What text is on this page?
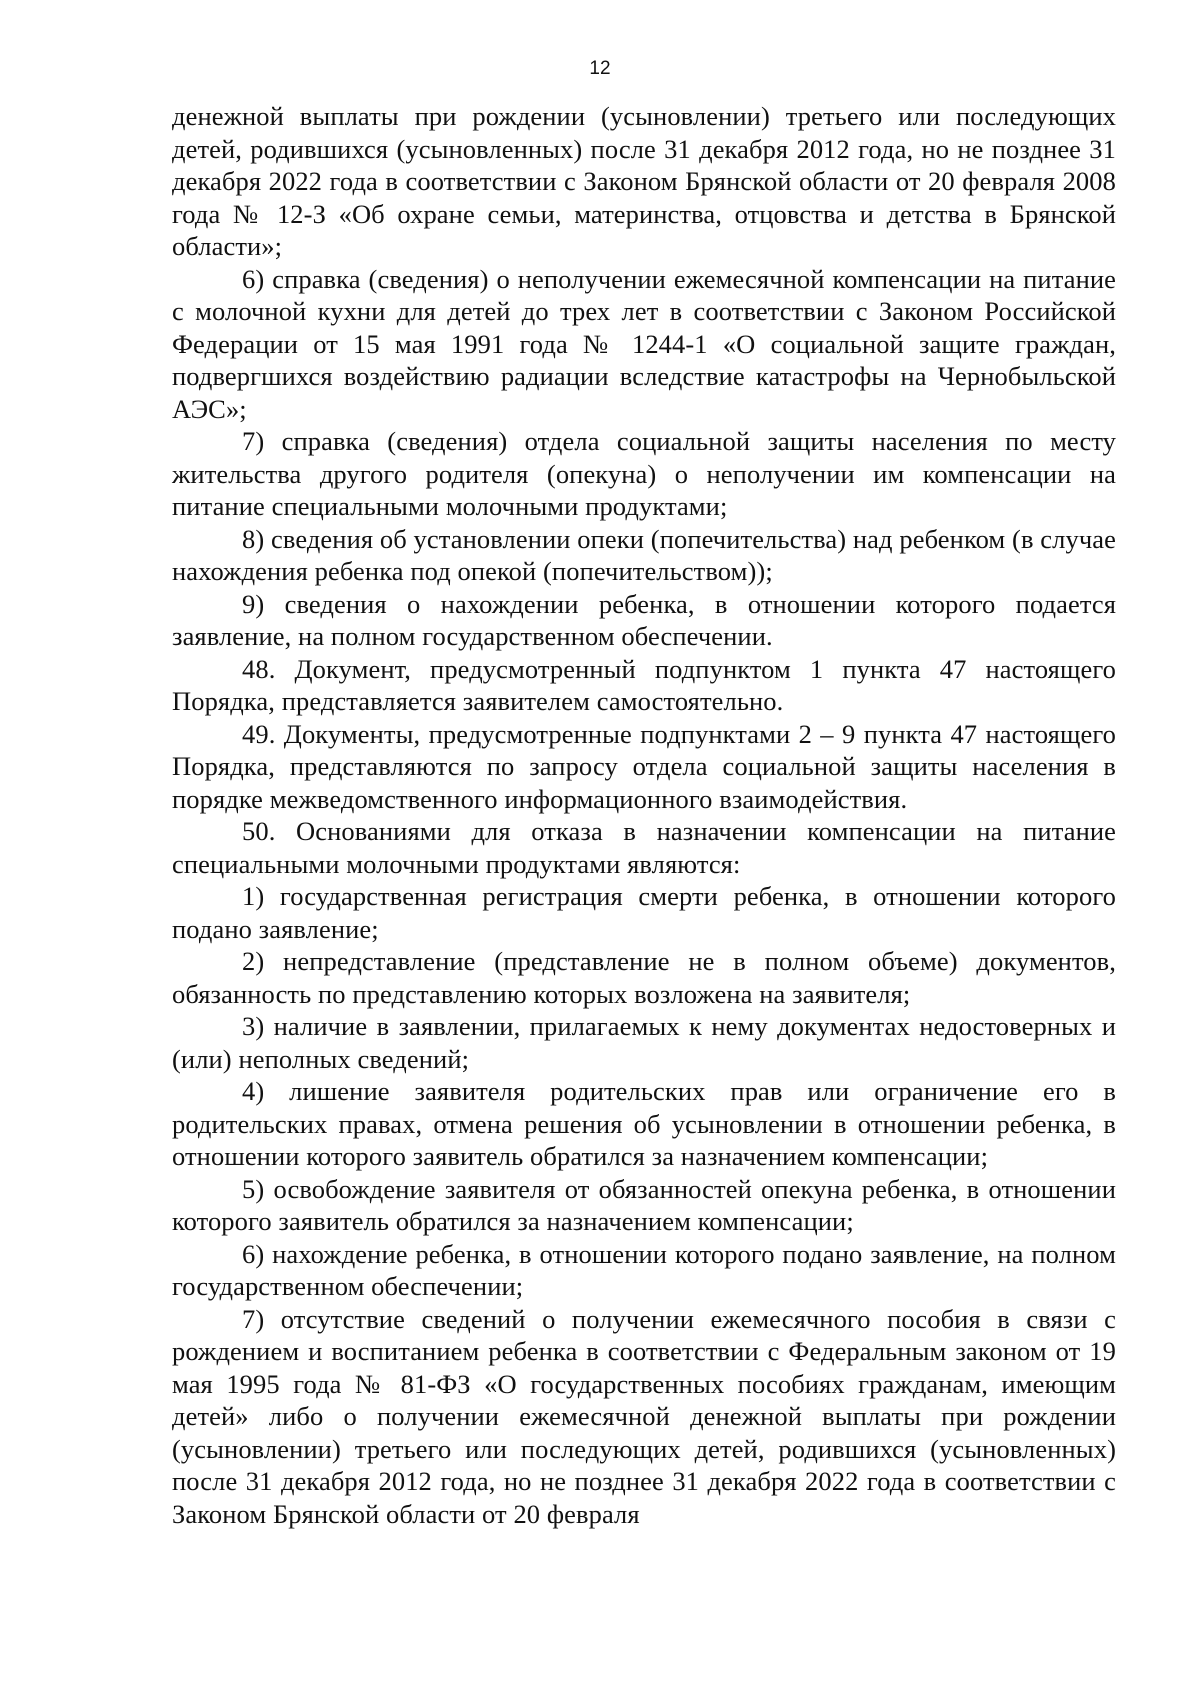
12

денежной выплаты при рождении (усыновлении) третьего или последующих детей, родившихся (усыновленных) после 31 декабря 2012 года, но не позднее 31 декабря 2022 года в соответствии с Законом Брянской области от 20 февраля 2008 года № 12-З «Об охране семьи, материнства, отцовства и детства в Брянской области»;

6) справка (сведения) о неполучении ежемесячной компенсации на питание с молочной кухни для детей до трех лет в соответствии с Законом Российской Федерации от 15 мая 1991 года № 1244-1 «О социальной защите граждан, подвергшихся воздействию радиации вследствие катастрофы на Чернобыльской АЭС»;

7) справка (сведения) отдела социальной защиты населения по месту жительства другого родителя (опекуна) о неполучении им компенсации на питание специальными молочными продуктами;

8) сведения об установлении опеки (попечительства) над ребенком (в случае нахождения ребенка под опекой (попечительством));

9) сведения о нахождении ребенка, в отношении которого подается заявление, на полном государственном обеспечении.

48. Документ, предусмотренный подпунктом 1 пункта 47 настоящего Порядка, представляется заявителем самостоятельно.

49. Документы, предусмотренные подпунктами 2 – 9 пункта 47 настоящего Порядка, представляются по запросу отдела социальной защиты населения в порядке межведомственного информационного взаимодействия.

50. Основаниями для отказа в назначении компенсации на питание специальными молочными продуктами являются:

1) государственная регистрация смерти ребенка, в отношении которого подано заявление;

2) непредставление (представление не в полном объеме) документов, обязанность по представлению которых возложена на заявителя;

3) наличие в заявлении, прилагаемых к нему документах недостоверных и (или) неполных сведений;

4) лишение заявителя родительских прав или ограничение его в родительских правах, отмена решения об усыновлении в отношении ребенка, в отношении которого заявитель обратился за назначением компенсации;

5) освобождение заявителя от обязанностей опекуна ребенка, в отношении которого заявитель обратился за назначением компенсации;

6) нахождение ребенка, в отношении которого подано заявление, на полном государственном обеспечении;

7) отсутствие сведений о получении ежемесячного пособия в связи с рождением и воспитанием ребенка в соответствии с Федеральным законом от 19 мая 1995 года № 81-ФЗ «О государственных пособиях гражданам, имеющим детей» либо о получении ежемесячной денежной выплаты при рождении (усыновлении) третьего или последующих детей, родившихся (усыновленных) после 31 декабря 2012 года, но не позднее 31 декабря 2022 года в соответствии с Законом Брянской области от 20 февраля
